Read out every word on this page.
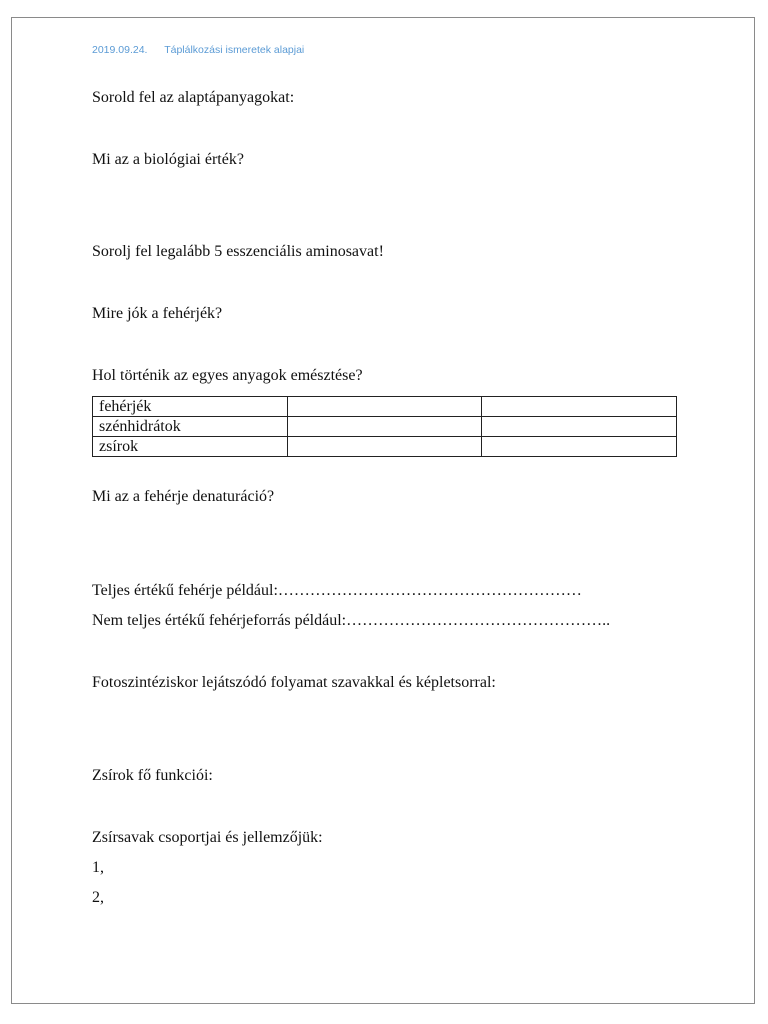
2019.09.24. Táplálkozási ismeretek alapjai
Sorold fel az alaptápanyagokat:
Mi az a biológiai érték?
Sorolj fel legalább 5 esszenciális aminosavat!
Mire jók a fehérjék?
Hol történik az egyes anyagok emésztése?
fehérjék		
szénhidrátok		
zsírok		
Mi az a fehérje denaturáció?
Teljes értékű fehérje például:…………………………………………………
Nem teljes értékű fehérjeforrás például:…………………………………………..
Fotoszintéziskor lejátszódó folyamat szavakkal és képletsorral:
Zsírok fő funkciói:
Zsírsavak csoportjai és jellemzőjük:
1,
2,
